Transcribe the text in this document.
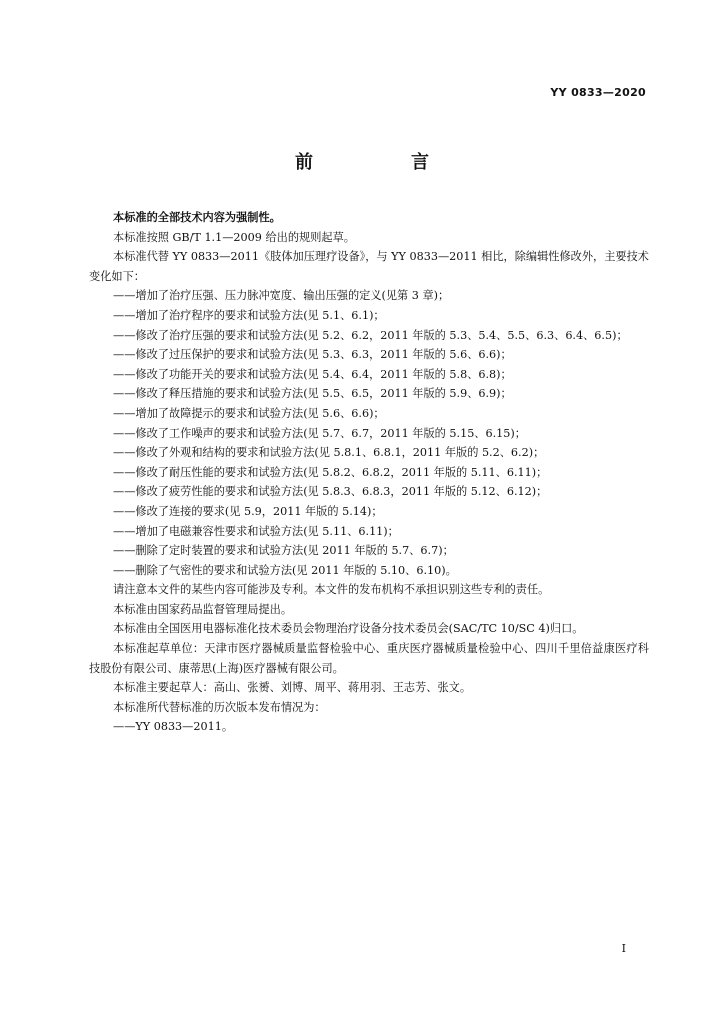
YY 0833—2020
前　言

本标准的全部技术内容为强制性。

本标准按照 GB/T 1.1—2009 给出的规则起草。

本标准代替 YY 0833—2011《肢体加压理疗设备》，与 YY 0833—2011 相比，除编辑性修改外，主要技术变化如下：

——增加了治疗压强、压力脉冲宽度、输出压强的定义(见第 3 章)；

——增加了治疗程序的要求和试验方法(见 5.1、6.1)；

——修改了治疗压强的要求和试验方法(见 5.2、6.2，2011 年版的 5.3、5.4、5.5、6.3、6.4、6.5)；

——修改了过压保护的要求和试验方法(见 5.3、6.3，2011 年版的 5.6、6.6)；

——修改了功能开关的要求和试验方法(见 5.4、6.4，2011 年版的 5.8、6.8)；

——修改了释压措施的要求和试验方法(见 5.5、6.5，2011 年版的 5.9、6.9)；

——增加了故障提示的要求和试验方法(见 5.6、6.6)；

——修改了工作噪声的要求和试验方法(见 5.7、6.7，2011 年版的 5.15、6.15)；

——修改了外观和结构的要求和试验方法(见 5.8.1、6.8.1，2011 年版的 5.2、6.2)；

——修改了耐压性能的要求和试验方法(见 5.8.2、6.8.2，2011 年版的 5.11、6.11)；

——修改了疲劳性能的要求和试验方法(见 5.8.3、6.8.3，2011 年版的 5.12、6.12)；

——修改了连接的要求(见 5.9，2011 年版的 5.14)；

——增加了电磁兼容性要求和试验方法(见 5.11、6.11)；

——删除了定时装置的要求和试验方法(见 2011 年版的 5.7、6.7)；

——删除了气密性的要求和试验方法(见 2011 年版的 5.10、6.10)。

请注意本文件的某些内容可能涉及专利。本文件的发布机构不承担识别这些专利的责任。

本标准由国家药品监督管理局提出。

本标准由全国医用电器标准化技术委员会物理治疗设备分技术委员会(SAC/TC 10/SC 4)归口。

本标准起草单位：天津市医疗器械质量监督检验中心、重庆医疗器械质量检验中心、四川千里倍益康医疗科技股份有限公司、康蒂思(上海)医疗器械有限公司。

本标准主要起草人：高山、张赟、刘博、周平、蒋用羽、王志芳、张文。

本标准所代替标准的历次版本发布情况为：

——YY 0833—2011。

I
